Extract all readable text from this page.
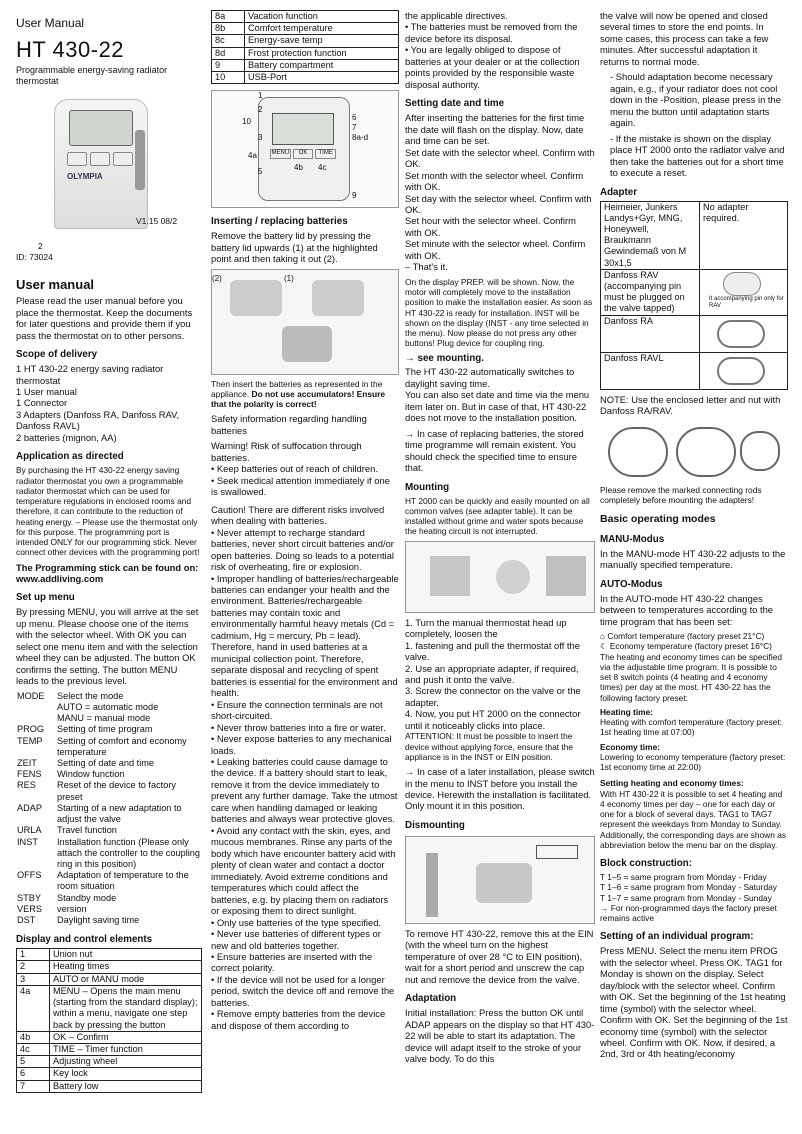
User Manual
HT 430-22
Programmable energy-saving radiator thermostat
OLYMPIA
V1.15 08/2
2
ID: 73024
User manual

Please read the user manual before you place the thermostat. Keep the documents for later questions and provide them if you pass the thermostat on to other persons.

Scope of delivery
1 HT 430-22 energy saving radiator thermostat
1 User manual
1 Connector
3 Adapters (Danfoss RA, Danfoss RAV, Danfoss RAVL)
2 batteries (mignon, AA)
Application as directed

By purchasing the HT 430-22 energy saving radiator thermostat you own a programmable radiator thermostat which can be used for temperature regulations in enclosed rooms and therefore, it can contribute to the reduction of heating energy. – Please use the thermostat only for this purpose. The programming port is intended ONLY for our programming stick. Never connect other devices with the programming port!

The Programming stick can be found on: www.addliving.com

Set up menu

By pressing MENU, you will arrive at the set up menu. Please choose one of the items with the selector wheel. With OK you can select one menu item and with the selection wheel they can be adjusted. The button OK confirms the setting. The button MENU leads to the previous level.

MODE	Select the mode
	AUTO = automatic mode
	MANU = manual mode
PROG	Setting of time program
TEMP	Setting of comfort and economy temperature
ZEIT	Setting of date and time
FENS	Window function
RES	Reset of the device to factory preset
ADAP	Starting of a new adaptation to adjust the valve
URLA	Travel function
INST	Installation function (Please only attach the controller to the coupling ring in this position)
OFFS	Adaptation of temperature to the room situation
STBY	Standby mode
VERS	version
DST	Daylight saving time
Display and control elements
1	Union nut
2	Heating times
3	AUTO or MANU mode
4a	MENU – Opens the main menu (starting from the standard display); within a menu, navigate one step back by pressing the button
4b	OK – Confirm
4c	TIME – Timer function
5	Adjusting wheel
6	Key lock
7	Battery low
8a	Vacation function
8b	Comfort temperature
8c	Energy-save temp
8d	Frost protection function
9	Battery compartment
10	USB-Port
MENU	OK	TIME
1
2
10
3
4a
5
6
7
8a-d
4b 4c
9
Inserting / replacing batteries

Remove the battery lid by pressing the battery lid upwards (1) at the highlighted point and then taking it out (2).

(2)	(1)

Then insert the batteries as represented in the appliance. Do not use accumulators! Ensure that the polarity is correct!

Safety information regarding handling batteries

Warning! Risk of suffocation through batteries.

• Keep batteries out of reach of children.
• Seek medical attention immediately if one is swallowed.

Caution! There are different risks involved when dealing with batteries.

• Never attempt to recharge standard batteries, never short circuit batteries and/or open batteries. Doing so leads to a potential risk of overheating, fire or explosion.
• Improper handling of batteries/rechargeable batteries can endanger your health and the environment. Batteries/rechargeable batteries may contain toxic and environmentally harmful heavy metals (Cd = cadmium, Hg = mercury, Pb = lead). Therefore, hand in used batteries at a municipal collection point. Therefore, separate disposal and recycling of spent batteries is essential for the environment and health.
• Ensure the connection terminals are not short-circuited.
• Never throw batteries into a fire or water.
• Never expose batteries to any mechanical loads.
• Leaking batteries could cause damage to the device. If a battery should start to leak, remove it from the device immediately to prevent any further damage. Take the utmost care when handling damaged or leaking batteries and always wear protective gloves.
• Avoid any contact with the skin, eyes, and mucous membranes. Rinse any parts of the body which have encounter battery acid with plenty of clean water and contact a doctor immediately. Avoid extreme conditions and temperatures which could affect the batteries, e.g. by placing them on radiators or exposing them to direct sunlight.
• Only use batteries of the type specified.
• Never use batteries of different types or new and old batteries together.
• Ensure batteries are inserted with the correct polarity.
• If the device will not be used for a longer period, switch the device off and remove the batteries.
• Remove empty batteries from the device and dispose of them according to
the applicable directives.
• The batteries must be removed from the device before its disposal.
• You are legally obliged to dispose of batteries at your dealer or at the collection points provided by the responsible waste disposal authority.
Setting date and time
After inserting the batteries for the first time the date will flash on the display. Now, date and time can be set.
Set date with the selector wheel. Confirm with OK.
Set month with the selector wheel. Confirm with OK.
Set day with the selector wheel. Confirm with OK.
Set hour with the selector wheel. Confirm with OK.
Set minute with the selector wheel. Confirm with OK.
– That's it.

On the display PREP. will be shown. Now, the motor will completely move to the installation position to make the installation easier. As soon as HT 430-22 is ready for installation. INST will be shown on the display (INST - any time selected in the menu). Now please do not press any other buttons! Plug device for coupling ring.

→ see mounting.

The HT 430-22 automatically switches to daylight saving time.

You can also set date and time via the menu item later on. But in case of that, HT 430-22 does not move to the installation position.

→ In case of replacing batteries, the stored time programme will remain existent. You should check the specified time to ensure that.

Mounting

HT 2000 can be quickly and easily mounted on all common valves (see adapter table). It can be installed without grime and water spots because the heating circuit is not interrupted.

1. Turn the manual thermostat head up completely, loosen the
1. fastening and pull the thermostat off the valve.
2. Use an appropriate adapter, if required, and push it onto the valve.
3. Screw the connector on the valve or the adapter.
4. Now, you put HT 2000 on the connector until it noticeably clicks into place.

ATTENTION: It must be possible to insert the device without applying force, ensure that the appliance is in the INST or EIN position.

→ In case of a later installation, please switch in the menu to INST before you install the device. Herewith the installation is facilitated. Only mount it in this position.

Dismounting

To remove HT 430-22, remove this at the EIN (with the wheel turn on the highest temperature of over 28 °C to EIN position), wait for a short period and unscrew the cap nut and remove the device from the valve.

Adaptation

Initial installation: Press the button OK until ADAP appears on the display so that HT 430-22 will be able to start its adaptation. The device will adapt itself to the stroke of your valve body. To do this

the valve will now be opened and closed several times to store the end points. In some cases, this process can take a few minutes. After successful adaptation it returns to normal mode.

- Should adaptation become necessary again, e.g., if your radiator does not cool down in the -Position, please press in the menu the button until adaptation starts again.

- If the mistake is shown on the display place HT 2000 onto the radiator valve and then take the batteries out for a short time to execute a reset.

Adapter
Heimeier, Junkers Landys+Gyr, MNG, Honeywell, Braukmann Gewindemaß von M 30x1,5	No adapter required.
Danfoss RAV (accompanying pin must be plugged on the valve tapped)	It accompanying pin only for RAV

Danfoss RA	

Danfoss RAVL	

NOTE: Use the enclosed letter and nut with Danfoss RA/RAV.

Please remove the marked connecting rods completely before mounting the adapters!

Basic operating modes
MANU-Modus

In the MANU-mode HT 430-22 adjusts to the manually specified temperature.

AUTO-Modus

In the AUTO-mode HT 430-22 changes between to temperatures according to the time program that has been set:

⌂ Comfort temperature (factory preset 21°C)
☾ Economy temperature (factory preset 16°C)

The heating and economy times can be specified via the adjustable time program. It is possible to set 8 switch points (4 heating and 4 economy times) per day at the most. HT 430-22 has the following factory preset:

Heating time:

Heating with comfort temperature (factory preset: 1st heating time at 07:00)

Economy time:

Lowering to economy temperature (factory preset: 1st economy time at 22:00)

Setting heating and economy times:

With HT 430-22 it is possible to set 4 heating and 4 economy times per day – one for each day or one for a block of several days. TAG1 to TAG7 represent the weekdays from Monday to Sunday. Additionally, the corresponding days are shown as abbreviation below the menu bar on the display.

Block construction:
T 1–5 = same program from Monday - Friday
T 1–6 = same program from Monday - Saturday
T 1–7 = same program from Monday - Sunday
→ For non-programmed days the factory preset remains active
Setting of an individual program:

Press MENU. Select the menu item PROG with the selector wheel. Press OK. TAG1 for Monday is shown on the display. Select day/block with the selector wheel. Confirm with OK. Set the beginning of the 1st heating time (symbol) with the selector wheel. Confirm with OK. Set the beginning of the 1st economy time (symbol) with the selector wheel. Confirm with OK. Now, if desired, a 2nd, 3rd or 4th heating/economy
